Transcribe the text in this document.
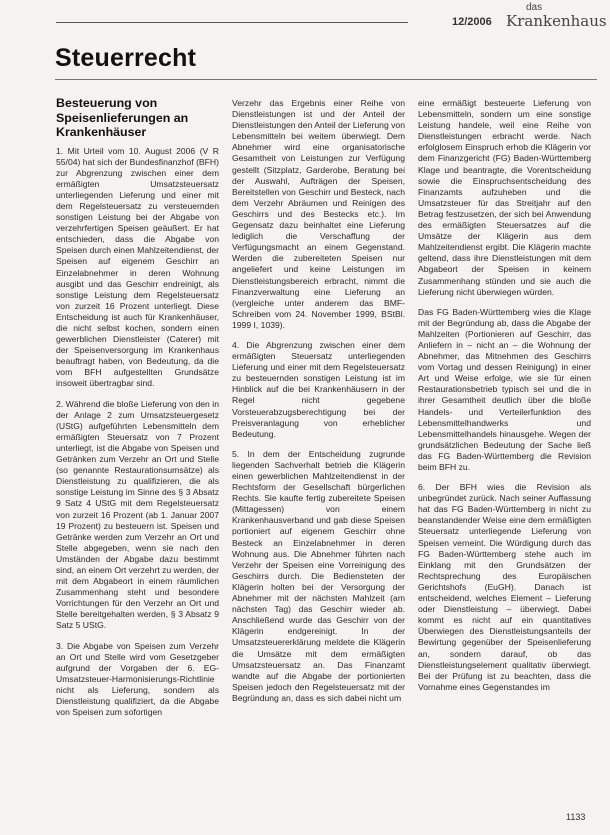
12/2006
das
Krankenhaus
Steuerrecht
Besteuerung von Speisenlieferungen an Krankenhäuser

1. Mit Urteil vom 10. August 2006 (V R 55/04) hat sich der Bundesfinanzhof (BFH) zur Abgrenzung zwischen einer dem ermäßigten Umsatzsteuersatz unterliegenden Lieferung und einer mit dem Regelsteuersatz zu versteuernden sonstigen Leistung bei der Abgabe von verzehrfertigen Speisen geäußert. Er hat entschieden, dass die Abgabe von Speisen durch einen Mahlzeitendienst, der Speisen auf eigenem Geschirr an Einzelabnehmer in deren Wohnung ausgibt und das Geschirr endreinigt, als sonstige Leistung dem Regelsteuersatz von zurzeit 16 Prozent unterliegt. Diese Entscheidung ist auch für Krankenhäuser, die nicht selbst kochen, sondern einen gewerblichen Dienstleister (Caterer) mit der Speisenversorgung im Krankenhaus beauftragt haben, von Bedeutung, da die vom BFH aufgestellten Grundsätze insoweit übertragbar sind.

2. Während die bloße Lieferung von den in der Anlage 2 zum Umsatzsteuergesetz (UStG) aufgeführten Lebensmitteln dem ermäßigten Steuersatz von 7 Prozent unterliegt, ist die Abgabe von Speisen und Getränken zum Verzehr an Ort und Stelle (so genannte Restaurationsumsätze) als Dienstleistung zu qualifizieren, die als sonstige Leistung im Sinne des § 3 Absatz 9 Satz 4 UStG mit dem Regelsteuersatz von zurzeit 16 Prozent (ab 1. Januar 2007 19 Prozent) zu besteuern ist. Speisen und Getränke werden zum Verzehr an Ort und Stelle abgegeben, wenn sie nach den Umständen der Abgabe dazu bestimmt sind, an einem Ort verzehrt zu werden, der mit dem Abgabeort in einem räumlichen Zusammenhang steht und besondere Vorrichtungen für den Verzehr an Ort und Stelle bereitgehalten werden, § 3 Absatz 9 Satz 5 UStG.

3. Die Abgabe von Speisen zum Verzehr an Ort und Stelle wird vom Gesetzgeber aufgrund der Vorgaben der 6. EG-Umsatzsteuer-Harmonisierungs-Richtlinie nicht als Lieferung, sondern als Dienstleistung qualifiziert, da die Abgabe von Speisen zum sofortigen

Verzehr das Ergebnis einer Reihe von Dienstleistungen ist und der Anteil der Dienstleistungen den Anteil der Lieferung von Lebensmitteln bei weitem überwiegt. Dem Abnehmer wird eine organisatorische Gesamtheit von Leistungen zur Verfügung gestellt (Sitzplatz, Garderobe, Beratung bei der Auswahl, Aufträgen der Speisen, Bereitstellen von Geschirr und Besteck, nach dem Verzehr Abräumen und Reinigen des Geschirrs und des Bestecks etc.). Im Gegensatz dazu beinhaltet eine Lieferung lediglich die Verschaffung der Verfügungsmacht an einem Gegenstand. Werden die zubereiteten Speisen nur angeliefert und keine Leistungen im Dienstleistungsbereich erbracht, nimmt die Finanzverwaltung eine Lieferung an (vergleiche unter anderem das BMF-Schreiben vom 24. November 1999, BStBl. 1999 I, 1039).

4. Die Abgrenzung zwischen einer dem ermäßigten Steuersatz unterliegenden Lieferung und einer mit dem Regelsteuersatz zu besteuernden sonstigen Leistung ist im Hinblick auf die bei Krankenhäusern in der Regel nicht gegebene Vorsteuerabzugsberechtigung bei der Preisveranlagung von erheblicher Bedeutung.

5. In dem der Entscheidung zugrunde liegenden Sachverhalt betrieb die Klägerin einen gewerblichen Mahlzeitendienst in der Rechtsform der Gesellschaft bürgerlichen Rechts. Sie kaufte fertig zubereitete Speisen (Mittagessen) von einem Krankenhausverband und gab diese Speisen portioniert auf eigenem Geschirr ohne Besteck an Einzelabnehmer in deren Wohnung aus. Die Abnehmer führten nach Verzehr der Speisen eine Vorreinigung des Geschirrs durch. Die Bediensteten der Klägerin holten bei der Versorgung der Abnehmer mit der nächsten Mahlzeit (am nächsten Tag) das Geschirr wieder ab. Anschließend wurde das Geschirr von der Klägerin endgereinigt. In der Umsatzsteuererklärung meldete die Klägerin die Umsätze mit dem ermäßigten Umsatzsteuersatz an. Das Finanzamt wandte auf die Abgabe der portionierten Speisen jedoch den Regelsteuersatz mit der Begründung an, dass es sich dabei nicht um

eine ermäßigt besteuerte Lieferung von Lebensmitteln, sondern um eine sonstige Leistung handele, weil eine Reihe von Dienstleistungen erbracht werde. Nach erfolglosem Einspruch erhob die Klägerin vor dem Finanzgericht (FG) Baden-Württemberg Klage und beantragte, die Vorentscheidung sowie die Einspruchsentscheidung des Finanzamts aufzuheben und die Umsatzsteuer für das Streitjahr auf den Betrag festzusetzen, der sich bei Anwendung des ermäßigten Steuersatzes auf die Umsätze der Klägerin aus dem Mahlzeitendienst ergibt. Die Klägerin machte geltend, dass ihre Dienstleistungen mit dem Abgabeort der Speisen in keinem Zusammenhang stünden und sie auch die Lieferung nicht überwiegen würden.

Das FG Baden-Württemberg wies die Klage mit der Begründung ab, dass die Abgabe der Mahlzeiten (Portionieren auf Geschirr, das Anliefern in – nicht an – die Wohnung der Abnehmer, das Mitnehmen des Geschirrs vom Vortag und dessen Reinigung) in einer Art und Weise erfolge, wie sie für einen Restaurationsbetrieb typisch sei und die in ihrer Gesamtheit deutlich über die bloße Handels- und Verteilerfunktion des Lebensmittelhandwerks und Lebensmittelhandels hinausgehe. Wegen der grundsätzlichen Bedeutung der Sache ließ das FG Baden-Württemberg die Revision beim BFH zu.

6. Der BFH wies die Revision als unbegründet zurück. Nach seiner Auffassung hat das FG Baden-Württemberg in nicht zu beanstandender Weise eine dem ermäßigten Steuersatz unterliegende Lieferung von Speisen verneint. Die Würdigung durch das FG Baden-Württemberg stehe auch im Einklang mit den Grundsätzen der Rechtsprechung des Europäischen Gerichtshofs (EuGH). Danach ist entscheidend, welches Element – Lieferung oder Dienstleistung – überwiegt. Dabei kommt es nicht auf ein quantitatives Überwiegen des Dienstleistungsanteils der Bewirtung gegenüber der Speisenlieferung an, sondern darauf, ob das Dienstleistungselement qualitativ überwiegt. Bei der Prüfung ist zu beachten, dass die Vornahme eines Gegenstandes im

1133
